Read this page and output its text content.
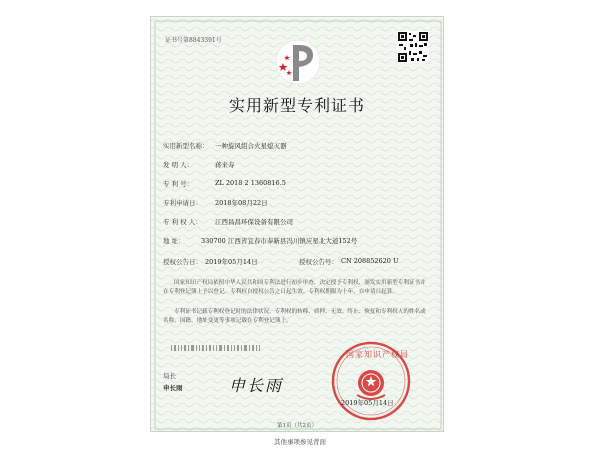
证书号第8843391号
实用新型专利证书
实用新型名称： 一种旋风组合火星熄灭器
发 明 人：	蒋来寿
专 利 号：	ZL 2018 2 1360816.5
专利申请日： 2018年08月22日
专 利 权 人： 江西昌昌环保设备有限公司
地 址：	330700 江西省宜春市奉新县冯川镇应星北大道152号
授权公告日： 2019年05月14日	授权公告号： CN 208852620 U
国家知识产权局依照中华人民共和国专利法进行初步审查，决定授予专利权，颁发实用新型专利证书并在专利登记簿上予以登记。专利权自授权公告之日起生效。专利权期限为十年，自申请日起算。
专利证书记载专利权登记时的法律状况。专利权的转移、质押、无效、终止、恢复和专利权人的姓名或名称、国籍、地址变更等事项记载在专利登记簿上。
局长
申长雨	申长雨
国家知识产权局
2019年05月14日
第1页（共2页）
其他事项参见背面
